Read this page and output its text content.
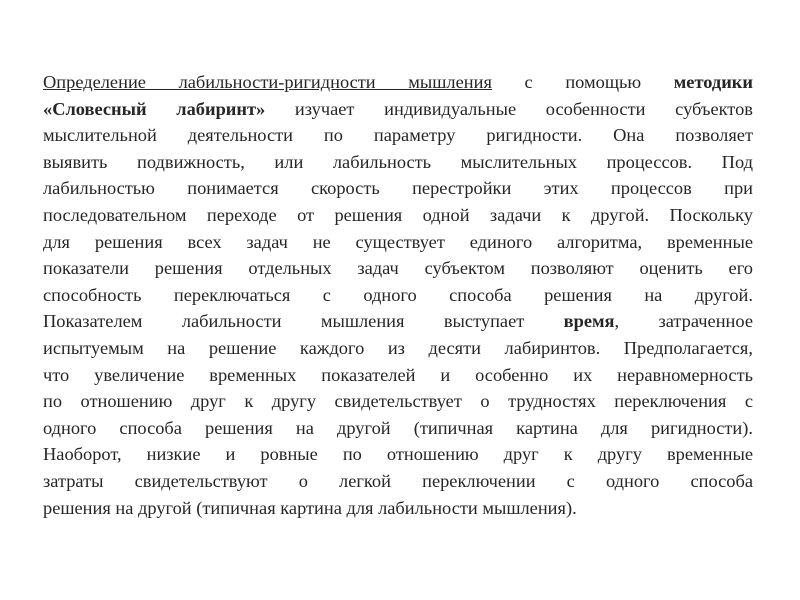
Определение лабильности-ригидности мышления с помощью методики
«Словесный лабиринт» изучает индивидуальные особенности субъектов
мыслительной деятельности по параметру ригидности. Она позволяет
выявить подвижность, или лабильность мыслительных процессов. Под
лабильностью понимается скорость перестройки этих процессов при
последовательном переходе от решения одной задачи к другой. Поскольку
для решения всех задач не существует единого алгоритма, временные
показатели решения отдельных задач субъектом позволяют оценить его
способность переключаться с одного способа решения на другой.
Показателем лабильности мышления выступает время, затраченное
испытуемым на решение каждого из десяти лабиринтов. Предполагается,
что увеличение временных показателей и особенно их неравномерность
по отношению друг к другу свидетельствует о трудностях переключения с
одного способа решения на другой (типичная картина для ригидности).
Наоборот, низкие и ровные по отношению друг к другу временные
затраты свидетельствуют о легкой переключении с одного способа
решения на другой (типичная картина для лабильности мышления).
